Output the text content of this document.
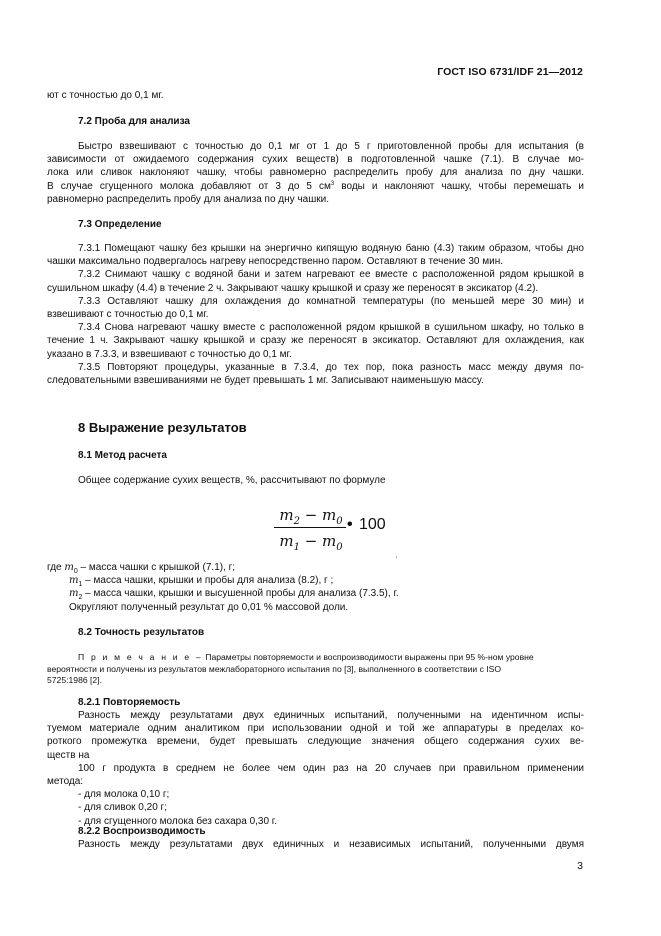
ГОСТ ISO 6731/IDF 21—2012
ют с точностью до 0,1 мг.
7.2 Проба для анализа
Быстро взвешивают с точностью до 0,1 мг от 1 до 5 г приготовленной пробы для испытания (в
зависимости от ожидаемого содержания сухих веществ) в подготовленной чашке (7.1). В случае мо-
лока или сливок наклоняют чашку, чтобы равномерно распределить пробу для анализа по дну чашки.
В случае сгущенного молока добавляют от 3 до 5 $см^3$ воды и наклоняют чашку, чтобы перемешать и
равномерно распределить пробу для анализа по дну чашки.
7.3 Определение
7.3.1 Помещают чашку без крышки на энергично кипящую водяную баню (4.3) таким образом, чтобы дно чашки максимально подвергалось нагреву непосредственно паром. Оставляют в течение 30 мин.
7.3.2 Снимают чашку с водяной бани и затем нагревают ее вместе с расположенной рядом крышкой в сушильном шкафу (4.4) в течение 2 ч. Закрывают чашку крышкой и сразу же переносят в эксикатор (4.2).
7.3.3 Оставляют чашку для охлаждения до комнатной температуры (по меньшей мере 30 мин) и взвешивают с точностью до 0,1 мг.
7.3.4 Снова нагревают чашку вместе с расположенной рядом крышкой в сушильном шкафу, но только в течение 1 ч. Закрывают чашку крышкой и сразу же переносят в эксикатор. Оставляют для охлаждения, как указано в 7.3.3, и взвешивают с точностью до 0,1 мг.
7.3.5 Повторяют процедуры, указанные в 7.3.4, до тех пор, пока разность масс между двумя по-следовательными взвешиваниями не будет превышать 1 мг. Записывают наименьшую массу.
8 Выражение результатов
8.1 Метод расчета
Общее содержание сухих веществ, %, рассчитывают по формуле
$m_2 - m_0$
$m_1 - m_0$
• 100
'
где $m_0$ – масса чашки с крышкой (7.1), г;
$m_1$ – масса чашки, крышки и пробы для анализа (8.2), г ;
$m_2$ – масса чашки, крышки и высушенной пробы для анализа (7.3.5), г.
Округляют полученный результат до 0,01 % массовой доли.
8.2 Точность результатов
П р и м е ч а н и е – Параметры повторяемости и воспроизводимости выражены при 95 %-ном уровне
вероятности и получены из результатов межлабораторного испытания по [3], выполненного в соответствии с ISO
5725:1986 [2].
8.2.1 Повторяемость
Разность между результатами двух единичных испытаний, полученными на идентичном испы-
туемом материале одним аналитиком при использовании одной и той же аппаратуры в пределах ко-
роткого промежутка времени, будет превышать следующие значения общего содержания сухих ве-
ществ на
100 г продукта в среднем не более чем один раз на 20 случаев при правильном применении
метода:
- для молока 0,10 г;
- для сливок 0,20 г;
- для сгущенного молока без сахара 0,30 г.
8.2.2 Воспроизводимость
Разность между результатами двух единичных и независимых испытаний, полученными двумя
3
